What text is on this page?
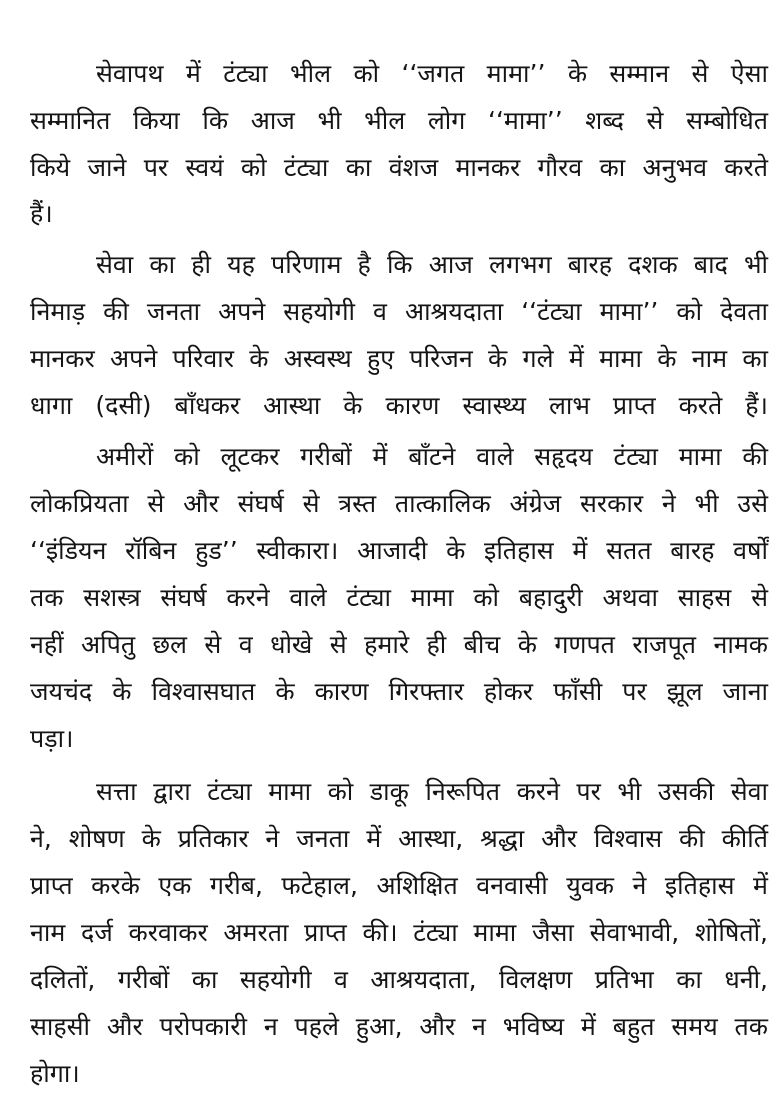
सेवापथ में टंट्या भील को ‘‘जगत मामा’’ के सम्मान से ऐसा
सम्मानित किया कि आज भी भील लोग ‘‘मामा’’ शब्द से सम्बोधित
किये जाने पर स्वयं को टंट्या का वंशज मानकर गौरव का अनुभव करते
हैं।
सेवा का ही यह परिणाम है कि आज लगभग बारह दशक बाद भी
निमाड़ की जनता अपने सहयोगी व आश्रयदाता ‘‘टंट्या मामा’’ को देवता
मानकर अपने परिवार के अस्वस्थ हुए परिजन के गले में मामा के नाम का
धागा (दसी) बाँधकर आस्था के कारण स्वास्थ्य लाभ प्राप्त करते हैं।
अमीरों को लूटकर गरीबों में बाँटने वाले सहृदय टंट्या मामा की
लोकप्रियता से और संघर्ष से त्रस्त तात्कालिक अंग्रेज सरकार ने भी उसे
‘‘इंडियन रॉबिन हुड’’ स्वीकारा। आजादी के इतिहास में सतत बारह वर्षों
तक सशस्त्र संघर्ष करने वाले टंट्या मामा को बहादुरी अथवा साहस से
नहीं अपितु छल से व धोखे से हमारे ही बीच के गणपत राजपूत नामक
जयचंद के विश्वासघात के कारण गिरफ्तार होकर फाँसी पर झूल जाना
पड़ा।
सत्ता द्वारा टंट्या मामा को डाकू निरूपित करने पर भी उसकी सेवा
ने, शोषण के प्रतिकार ने जनता में आस्था, श्रद्धा और विश्वास की कीर्ति
प्राप्त करके एक गरीब, फटेहाल, अशिक्षित वनवासी युवक ने इतिहास में
नाम दर्ज करवाकर अमरता प्राप्त की। टंट्या मामा जैसा सेवाभावी, शोषितों,
दलितों, गरीबों का सहयोगी व आश्रयदाता, विलक्षण प्रतिभा का धनी,
साहसी और परोपकारी न पहले हुआ, और न भविष्य में बहुत समय तक
होगा।
